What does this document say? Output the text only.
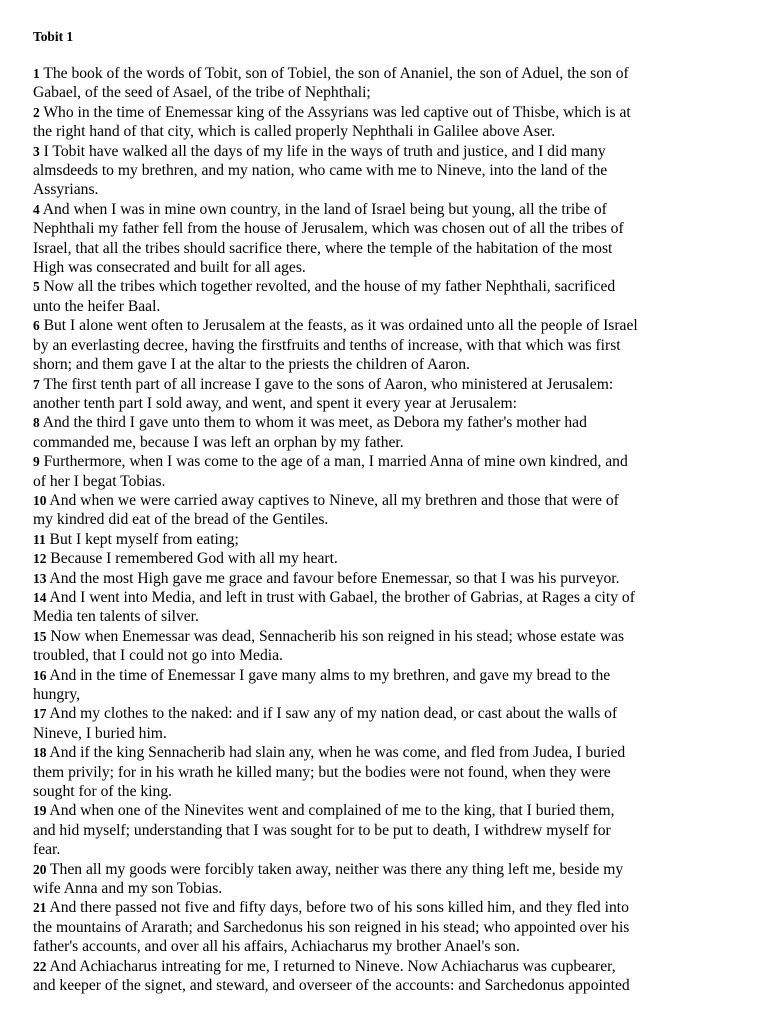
Tobit 1

1 The book of the words of Tobit, son of Tobiel, the son of Ananiel, the son of Aduel, the son of
Gabael, of the seed of Asael, of the tribe of Nephthali;

2 Who in the time of Enemessar king of the Assyrians was led captive out of Thisbe, which is at
the right hand of that city, which is called properly Nephthali in Galilee above Aser.

3 I Tobit have walked all the days of my life in the ways of truth and justice, and I did many
almsdeeds to my brethren, and my nation, who came with me to Nineve, into the land of the
Assyrians.

4 And when I was in mine own country, in the land of Israel being but young, all the tribe of
Nephthali my father fell from the house of Jerusalem, which was chosen out of all the tribes of
Israel, that all the tribes should sacrifice there, where the temple of the habitation of the most
High was consecrated and built for all ages.

5 Now all the tribes which together revolted, and the house of my father Nephthali, sacrificed
unto the heifer Baal.

6 But I alone went often to Jerusalem at the feasts, as it was ordained unto all the people of Israel
by an everlasting decree, having the firstfruits and tenths of increase, with that which was first
shorn; and them gave I at the altar to the priests the children of Aaron.

7 The first tenth part of all increase I gave to the sons of Aaron, who ministered at Jerusalem:
another tenth part I sold away, and went, and spent it every year at Jerusalem:

8 And the third I gave unto them to whom it was meet, as Debora my father's mother had
commanded me, because I was left an orphan by my father.

9 Furthermore, when I was come to the age of a man, I married Anna of mine own kindred, and
of her I begat Tobias.

10 And when we were carried away captives to Nineve, all my brethren and those that were of
my kindred did eat of the bread of the Gentiles.

11 But I kept myself from eating;

12 Because I remembered God with all my heart.

13 And the most High gave me grace and favour before Enemessar, so that I was his purveyor.

14 And I went into Media, and left in trust with Gabael, the brother of Gabrias, at Rages a city of
Media ten talents of silver.

15 Now when Enemessar was dead, Sennacherib his son reigned in his stead; whose estate was
troubled, that I could not go into Media.

16 And in the time of Enemessar I gave many alms to my brethren, and gave my bread to the
hungry,

17 And my clothes to the naked: and if I saw any of my nation dead, or cast about the walls of
Nineve, I buried him.

18 And if the king Sennacherib had slain any, when he was come, and fled from Judea, I buried
them privily; for in his wrath he killed many; but the bodies were not found, when they were
sought for of the king.

19 And when one of the Ninevites went and complained of me to the king, that I buried them,
and hid myself; understanding that I was sought for to be put to death, I withdrew myself for
fear.

20 Then all my goods were forcibly taken away, neither was there any thing left me, beside my
wife Anna and my son Tobias.

21 And there passed not five and fifty days, before two of his sons killed him, and they fled into
the mountains of Ararath; and Sarchedonus his son reigned in his stead; who appointed over his
father's accounts, and over all his affairs, Achiacharus my brother Anael's son.

22 And Achiacharus intreating for me, I returned to Nineve. Now Achiacharus was cupbearer,
and keeper of the signet, and steward, and overseer of the accounts: and Sarchedonus appointed
